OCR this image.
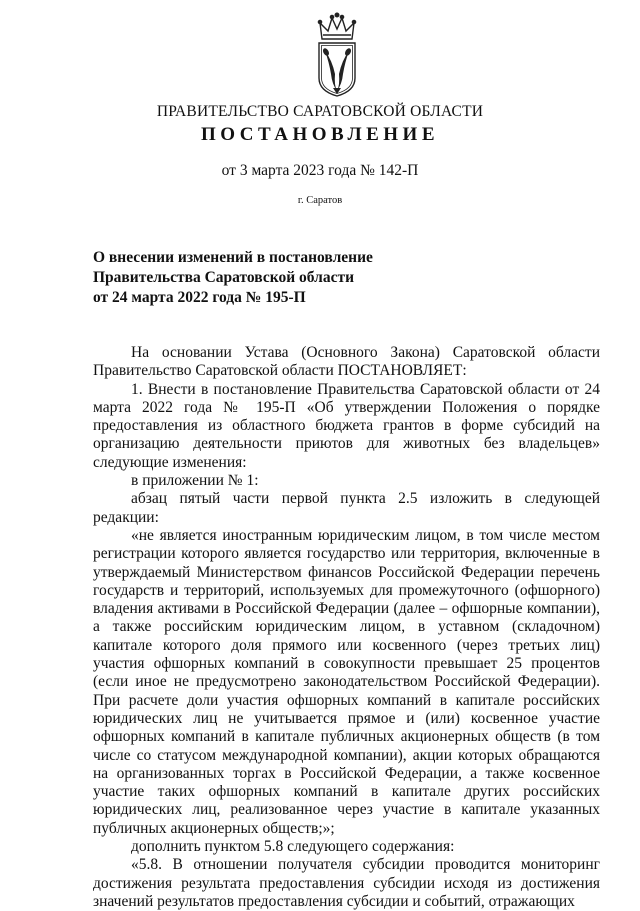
ПРАВИТЕЛЬСТВО САРАТОВСКОЙ ОБЛАСТИ
ПОСТАНОВЛЕНИЕ
от 3 марта 2023 года № 142-П
г. Саратов
О внесении изменений в постановление
Правительства Саратовской области
от 24 марта 2022 года № 195-П

На основании Устава (Основного Закона) Саратовской области Правительство Саратовской области ПОСТАНОВЛЯЕТ:

1. Внести в постановление Правительства Саратовской области от 24 марта 2022 года № 195-П «Об утверждении Положения о порядке предоставления из областного бюджета грантов в форме субсидий на организацию деятельности приютов для животных без владельцев» следующие изменения:

в приложении № 1:

абзац пятый части первой пункта 2.5 изложить в следующей редакции:

«не является иностранным юридическим лицом, в том числе местом регистрации которого является государство или территория, включенные в утверждаемый Министерством финансов Российской Федерации перечень государств и территорий, используемых для промежуточного (офшорного) владения активами в Российской Федерации (далее – офшорные компании), а также российским юридическим лицом, в уставном (складочном) капитале которого доля прямого или косвенного (через третьих лиц) участия офшорных компаний в совокупности превышает 25 процентов (если иное не предусмотрено законодательством Российской Федерации). При расчете доли участия офшорных компаний в капитале российских юридических лиц не учитывается прямое и (или) косвенное участие офшорных компаний в капитале публичных акционерных обществ (в том числе со статусом международной компании), акции которых обращаются на организованных торгах в Российской Федерации, а также косвенное участие таких офшорных компаний в капитале других российских юридических лиц, реализованное через участие в капитале указанных публичных акционерных обществ;»;

дополнить пунктом 5.8 следующего содержания:

«5.8. В отношении получателя субсидии проводится мониторинг достижения результата предоставления субсидии исходя из достижения значений результатов предоставления субсидии и событий, отражающих
